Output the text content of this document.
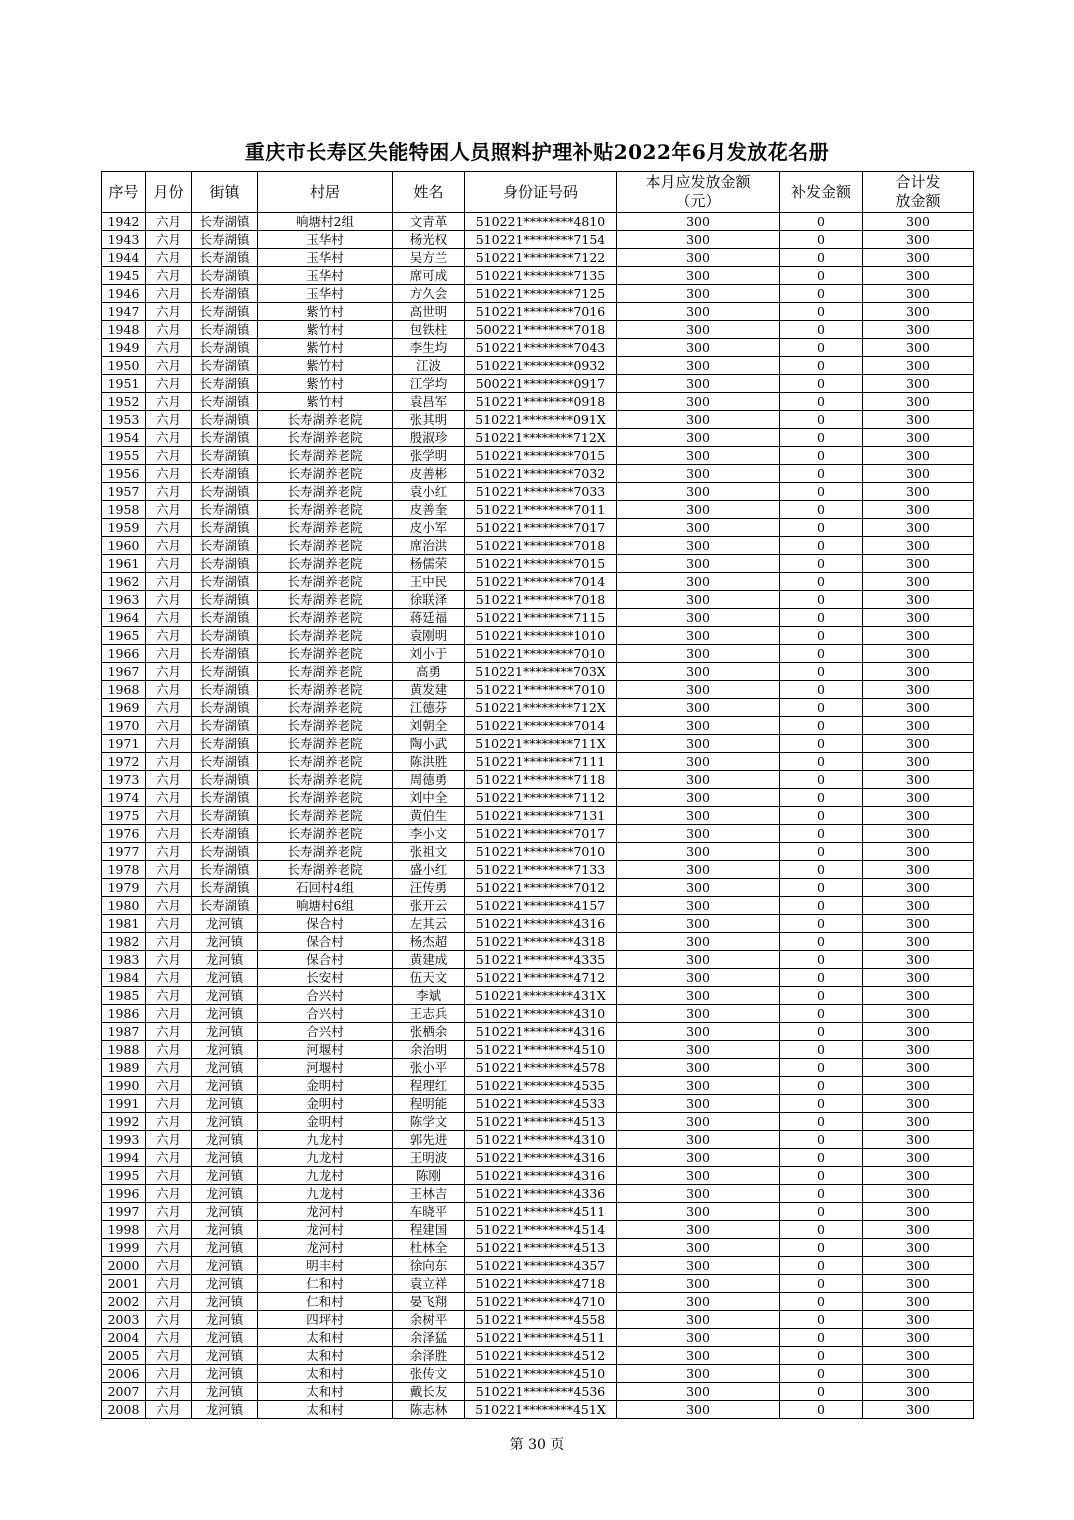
重庆市长寿区失能特困人员照料护理补贴2022年6月发放花名册
序号	月份	街镇	村居	姓名	身份证号码	本月应发放金额（元）	补发金额	合计发放金额
1942	六月	长寿湖镇	响塘村2组	文青革	510221********4810	300	0	300
1943	六月	长寿湖镇	玉华村	杨光权	510221********7154	300	0	300
1944	六月	长寿湖镇	玉华村	吴方兰	510221********7122	300	0	300
1945	六月	长寿湖镇	玉华村	席可成	510221********7135	300	0	300
1946	六月	长寿湖镇	玉华村	方久会	510221********7125	300	0	300
1947	六月	长寿湖镇	紫竹村	高世明	510221********7016	300	0	300
1948	六月	长寿湖镇	紫竹村	包铁柱	500221********7018	300	0	300
1949	六月	长寿湖镇	紫竹村	李生均	510221********7043	300	0	300
1950	六月	长寿湖镇	紫竹村	江波	510221********0932	300	0	300
1951	六月	长寿湖镇	紫竹村	江学均	500221********0917	300	0	300
1952	六月	长寿湖镇	紫竹村	袁昌军	510221********0918	300	0	300
1953	六月	长寿湖镇	长寿湖养老院	张其明	510221********091X	300	0	300
1954	六月	长寿湖镇	长寿湖养老院	殷淑珍	510221********712X	300	0	300
1955	六月	长寿湖镇	长寿湖养老院	张学明	510221********7015	300	0	300
1956	六月	长寿湖镇	长寿湖养老院	皮善彬	510221********7032	300	0	300
1957	六月	长寿湖镇	长寿湖养老院	袁小红	510221********7033	300	0	300
1958	六月	长寿湖镇	长寿湖养老院	皮善奎	510221********7011	300	0	300
1959	六月	长寿湖镇	长寿湖养老院	皮小军	510221********7017	300	0	300
1960	六月	长寿湖镇	长寿湖养老院	席治洪	510221********7018	300	0	300
1961	六月	长寿湖镇	长寿湖养老院	杨儒荣	510221********7015	300	0	300
1962	六月	长寿湖镇	长寿湖养老院	王中民	510221********7014	300	0	300
1963	六月	长寿湖镇	长寿湖养老院	徐联泽	510221********7018	300	0	300
1964	六月	长寿湖镇	长寿湖养老院	蒋廷福	510221********7115	300	0	300
1965	六月	长寿湖镇	长寿湖养老院	袁刚明	510221********1010	300	0	300
1966	六月	长寿湖镇	长寿湖养老院	刘小于	510221********7010	300	0	300
1967	六月	长寿湖镇	长寿湖养老院	高勇	510221********703X	300	0	300
1968	六月	长寿湖镇	长寿湖养老院	黄发建	510221********7010	300	0	300
1969	六月	长寿湖镇	长寿湖养老院	江德芬	510221********712X	300	0	300
1970	六月	长寿湖镇	长寿湖养老院	刘朝全	510221********7014	300	0	300
1971	六月	长寿湖镇	长寿湖养老院	陶小武	510221********711X	300	0	300
1972	六月	长寿湖镇	长寿湖养老院	陈洪胜	510221********7111	300	0	300
1973	六月	长寿湖镇	长寿湖养老院	周德勇	510221********7118	300	0	300
1974	六月	长寿湖镇	长寿湖养老院	刘中全	510221********7112	300	0	300
1975	六月	长寿湖镇	长寿湖养老院	黄伯生	510221********7131	300	0	300
1976	六月	长寿湖镇	长寿湖养老院	李小文	510221********7017	300	0	300
1977	六月	长寿湖镇	长寿湖养老院	张祖文	510221********7010	300	0	300
1978	六月	长寿湖镇	长寿湖养老院	盛小红	510221********7133	300	0	300
1979	六月	长寿湖镇	石回村4组	汪传勇	510221********7012	300	0	300
1980	六月	长寿湖镇	响塘村6组	张开云	510221********4157	300	0	300
1981	六月	龙河镇	保合村	左其云	510221********4316	300	0	300
1982	六月	龙河镇	保合村	杨杰超	510221********4318	300	0	300
1983	六月	龙河镇	保合村	黄建成	510221********4335	300	0	300
1984	六月	龙河镇	长安村	伍天文	510221********4712	300	0	300
1985	六月	龙河镇	合兴村	李斌	510221********431X	300	0	300
1986	六月	龙河镇	合兴村	王志兵	510221********4310	300	0	300
1987	六月	龙河镇	合兴村	张栖余	510221********4316	300	0	300
1988	六月	龙河镇	河堰村	余治明	510221********4510	300	0	300
1989	六月	龙河镇	河堰村	张小平	510221********4578	300	0	300
1990	六月	龙河镇	金明村	程理红	510221********4535	300	0	300
1991	六月	龙河镇	金明村	程明能	510221********4533	300	0	300
1992	六月	龙河镇	金明村	陈学文	510221********4513	300	0	300
1993	六月	龙河镇	九龙村	郭先进	510221********4310	300	0	300
1994	六月	龙河镇	九龙村	王明波	510221********4316	300	0	300
1995	六月	龙河镇	九龙村	陈刚	510221********4316	300	0	300
1996	六月	龙河镇	九龙村	王林吉	510221********4336	300	0	300
1997	六月	龙河镇	龙河村	车晓平	510221********4511	300	0	300
1998	六月	龙河镇	龙河村	程建国	510221********4514	300	0	300
1999	六月	龙河镇	龙河村	杜林全	510221********4513	300	0	300
2000	六月	龙河镇	明丰村	徐向东	510221********4357	300	0	300
2001	六月	龙河镇	仁和村	袁立祥	510221********4718	300	0	300
2002	六月	龙河镇	仁和村	晏飞翔	510221********4710	300	0	300
2003	六月	龙河镇	四坪村	余树平	510221********4558	300	0	300
2004	六月	龙河镇	太和村	余泽猛	510221********4511	300	0	300
2005	六月	龙河镇	太和村	余泽胜	510221********4512	300	0	300
2006	六月	龙河镇	太和村	张传文	510221********4510	300	0	300
2007	六月	龙河镇	太和村	戴长友	510221********4536	300	0	300
2008	六月	龙河镇	太和村	陈志林	510221********451X	300	0	300
第 30 页
